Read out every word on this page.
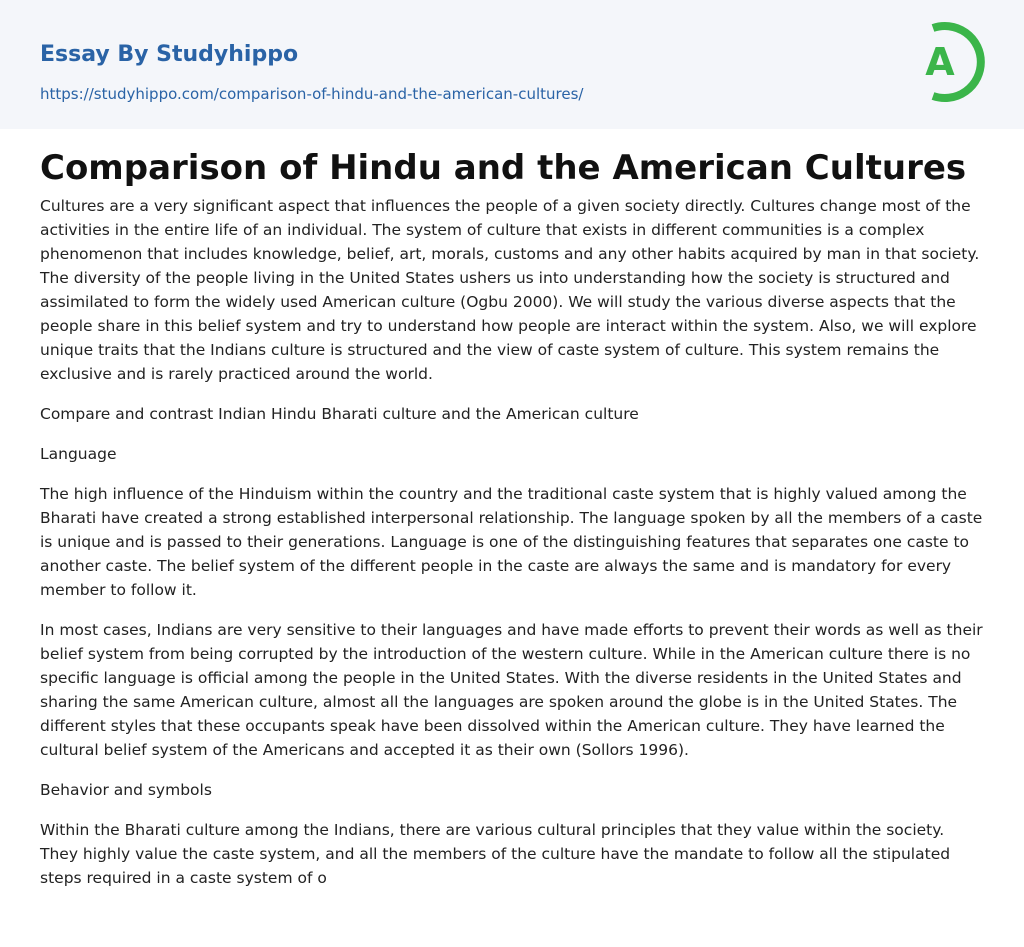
Essay By Studyhippo
https://studyhippo.com/comparison-of-hindu-and-the-american-cultures/
A
Comparison of Hindu and the American Cultures

Cultures are a very significant aspect that influences the people of a given society directly. Cultures change most of the activities in the entire life of an individual. The system of culture that exists in different communities is a complex phenomenon that includes knowledge, belief, art, morals, customs and any other habits acquired by man in that society. The diversity of the people living in the United States ushers us into understanding how the society is structured and assimilated to form the widely used American culture (Ogbu 2000). We will study the various diverse aspects that the people share in this belief system and try to understand how people are interact within the system. Also, we will explore unique traits that the Indians culture is structured and the view of caste system of culture. This system remains the exclusive and is rarely practiced around the world.

Compare and contrast Indian Hindu Bharati culture and the American culture

Language

The high influence of the Hinduism within the country and the traditional caste system that is highly valued among the Bharati have created a strong established interpersonal relationship. The language spoken by all the members of a caste is unique and is passed to their generations. Language is one of the distinguishing features that separates one caste to another caste. The belief system of the different people in the caste are always the same and is mandatory for every member to follow it.

In most cases, Indians are very sensitive to their languages and have made efforts to prevent their words as well as their belief system from being corrupted by the introduction of the western culture. While in the American culture there is no specific language is official among the people in the United States. With the diverse residents in the United States and sharing the same American culture, almost all the languages are spoken around the globe is in the United States. The different styles that these occupants speak have been dissolved within the American culture. They have learned the cultural belief system of the Americans and accepted it as their own (Sollors 1996).

Behavior and symbols

Within the Bharati culture among the Indians, there are various cultural principles that they value within the society. They highly value the caste system, and all the members of the culture have the mandate to follow all the stipulated steps required in a caste system of o
